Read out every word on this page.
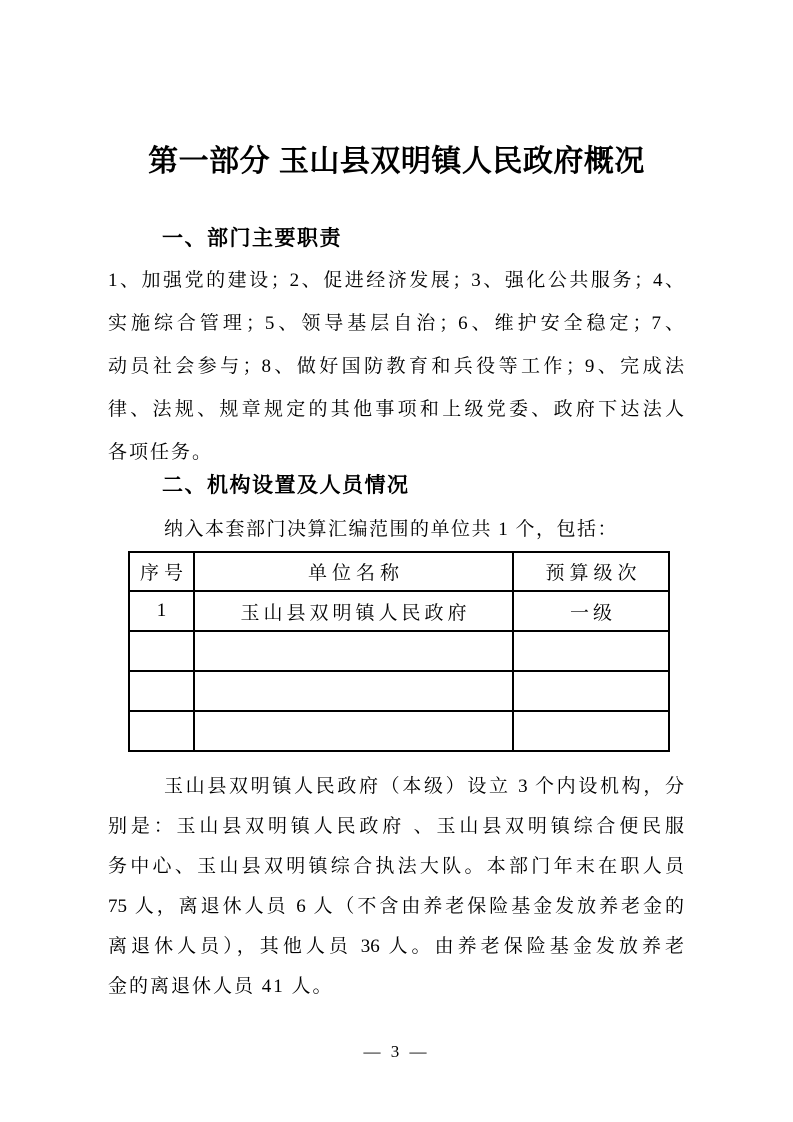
第一部分 玉山县双明镇人民政府概况
一、部门主要职责
1、加强党的建设；2、促进经济发展；3、强化公共服务；4、
实施综合管理；5、领导基层自治；6、维护安全稳定；7、
动员社会参与；8、做好国防教育和兵役等工作；9、完成法
律、法规、规章规定的其他事项和上级党委、政府下达法人
各项任务。
二、机构设置及人员情况
纳入本套部门决算汇编范围的单位共 1 个，包括：
序号	单位名称	预算级次
1	玉山县双明镇人民政府	一级

玉山县双明镇人民政府（本级）设立 3 个内设机构，分
别是：玉山县双明镇人民政府 、玉山县双明镇综合便民服
务中心、玉山县双明镇综合执法大队。本部门年末在职人员
75 人，离退休人员 6 人（不含由养老保险基金发放养老金的
离退休人员），其他人员 36 人。由养老保险基金发放养老
金的离退休人员 41 人。
— 3 —
